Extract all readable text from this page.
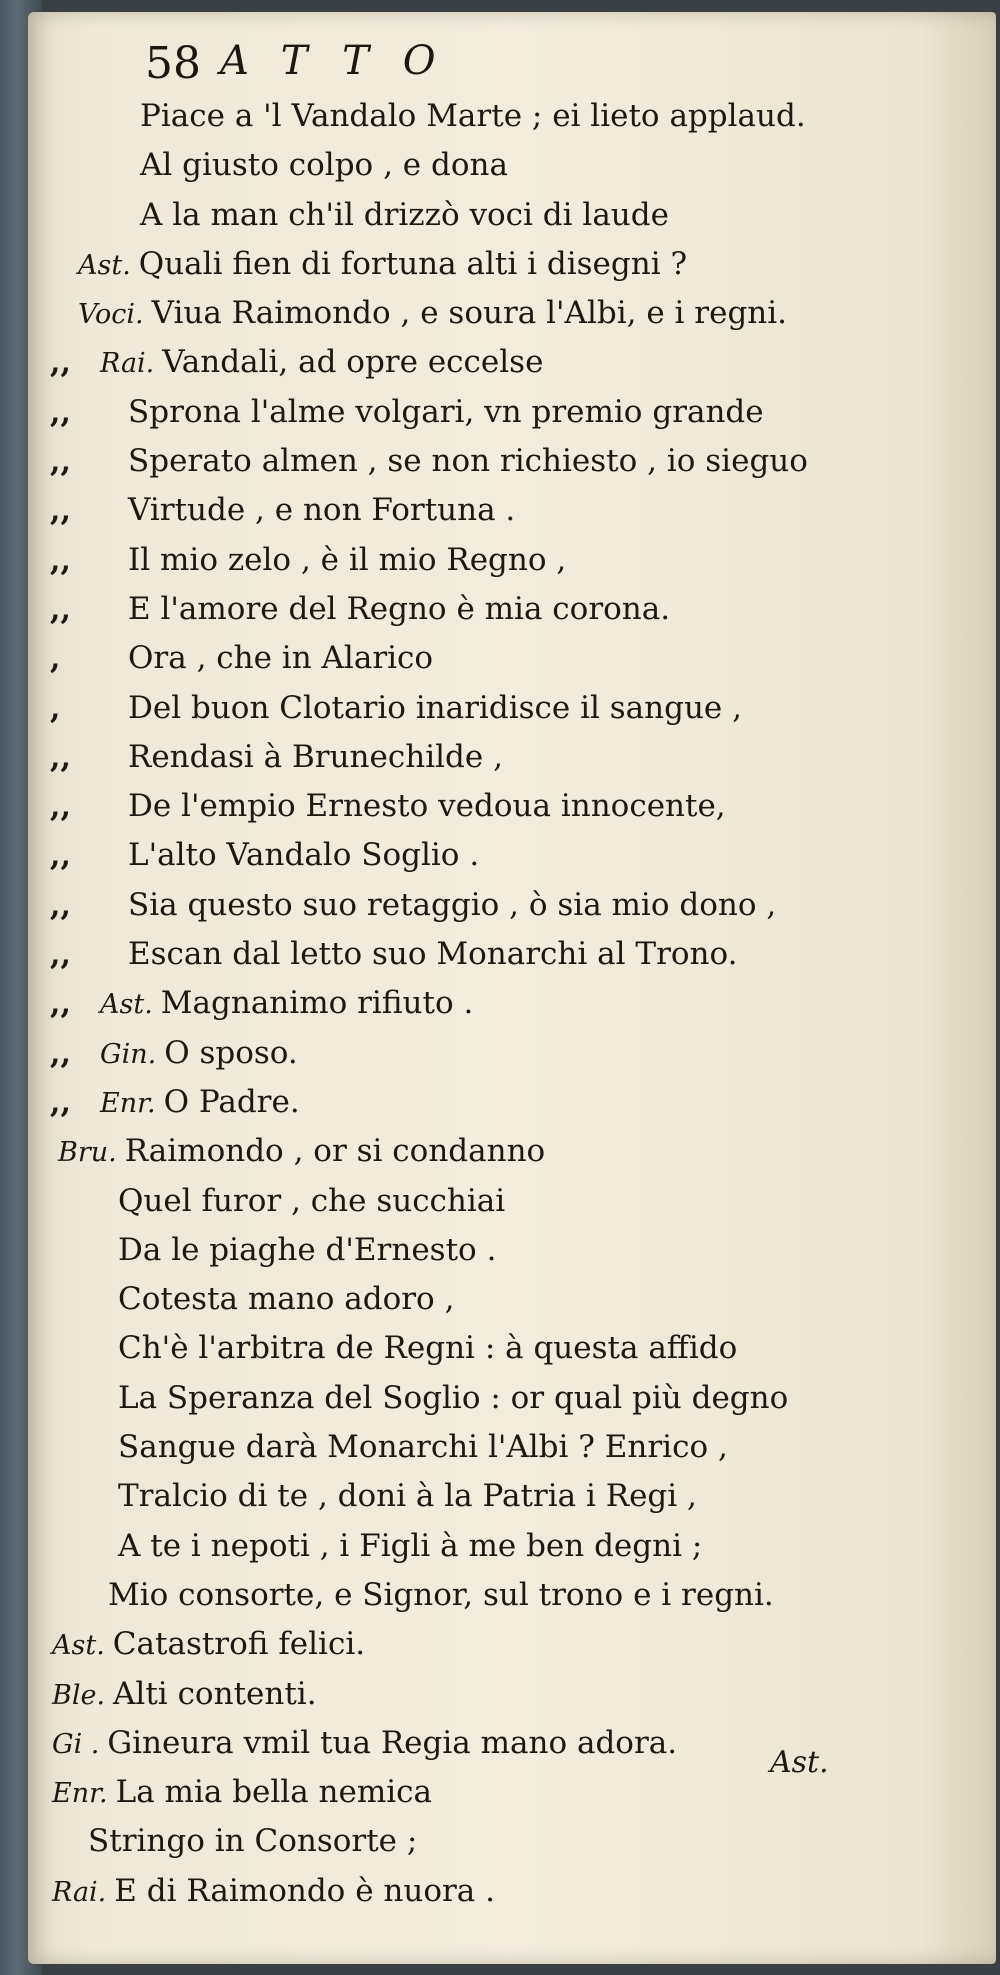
58 ATTO
Piace a 'l Vandalo Marte ; ei lieto applaud.
Al giusto colpo , e dona
A la man ch'il drizzò voci di laude
Ast. Quali fien di fortuna alti i disegni ?
Voci. Viua Raimondo , e soura l'Albi, e i regni.
,,	Rai. Vandali, ad opre eccelse
,,	Sprona l'alme volgari, vn premio grande
,,	Sperato almen , se non richiesto , io sieguo
,,	Virtude , e non Fortuna .
,,	Il mio zelo , è il mio Regno ,
,,	E l'amore del Regno è mia corona.
,	Ora , che in Alarico
,	Del buon Clotario inaridisce il sangue ,
,,	Rendasi à Brunechilde ,
,,	De l'empio Ernesto vedoua innocente,
,,	L'alto Vandalo Soglio .
,,	Sia questo suo retaggio , ò sia mio dono ,
,,	Escan dal letto suo Monarchi al Trono.
,,	Ast. Magnanimo rifiuto .
,,	Gin. O sposo.
,,	Enr. O Padre.
Bru. Raimondo , or si condanno
Quel furor , che succhiai
Da le piaghe d'Ernesto .
Cotesta mano adoro ,
Ch'è l'arbitra de Regni : à questa affido
La Speranza del Soglio : or qual più degno
Sangue darà Monarchi l'Albi ? Enrico ,
Tralcio di te , doni à la Patria i Regi ,
A te i nepoti , i Figli à me ben degni ;
Mio consorte, e Signor, sul trono e i regni.
Ast. Catastrofi felici.
Ble. Alti contenti.
Gi . Gineura vmil tua Regia mano adora.
Enr. La mia bella nemica
Stringo in Consorte ;
Rai. E di Raimondo è nuora .
Ast.
